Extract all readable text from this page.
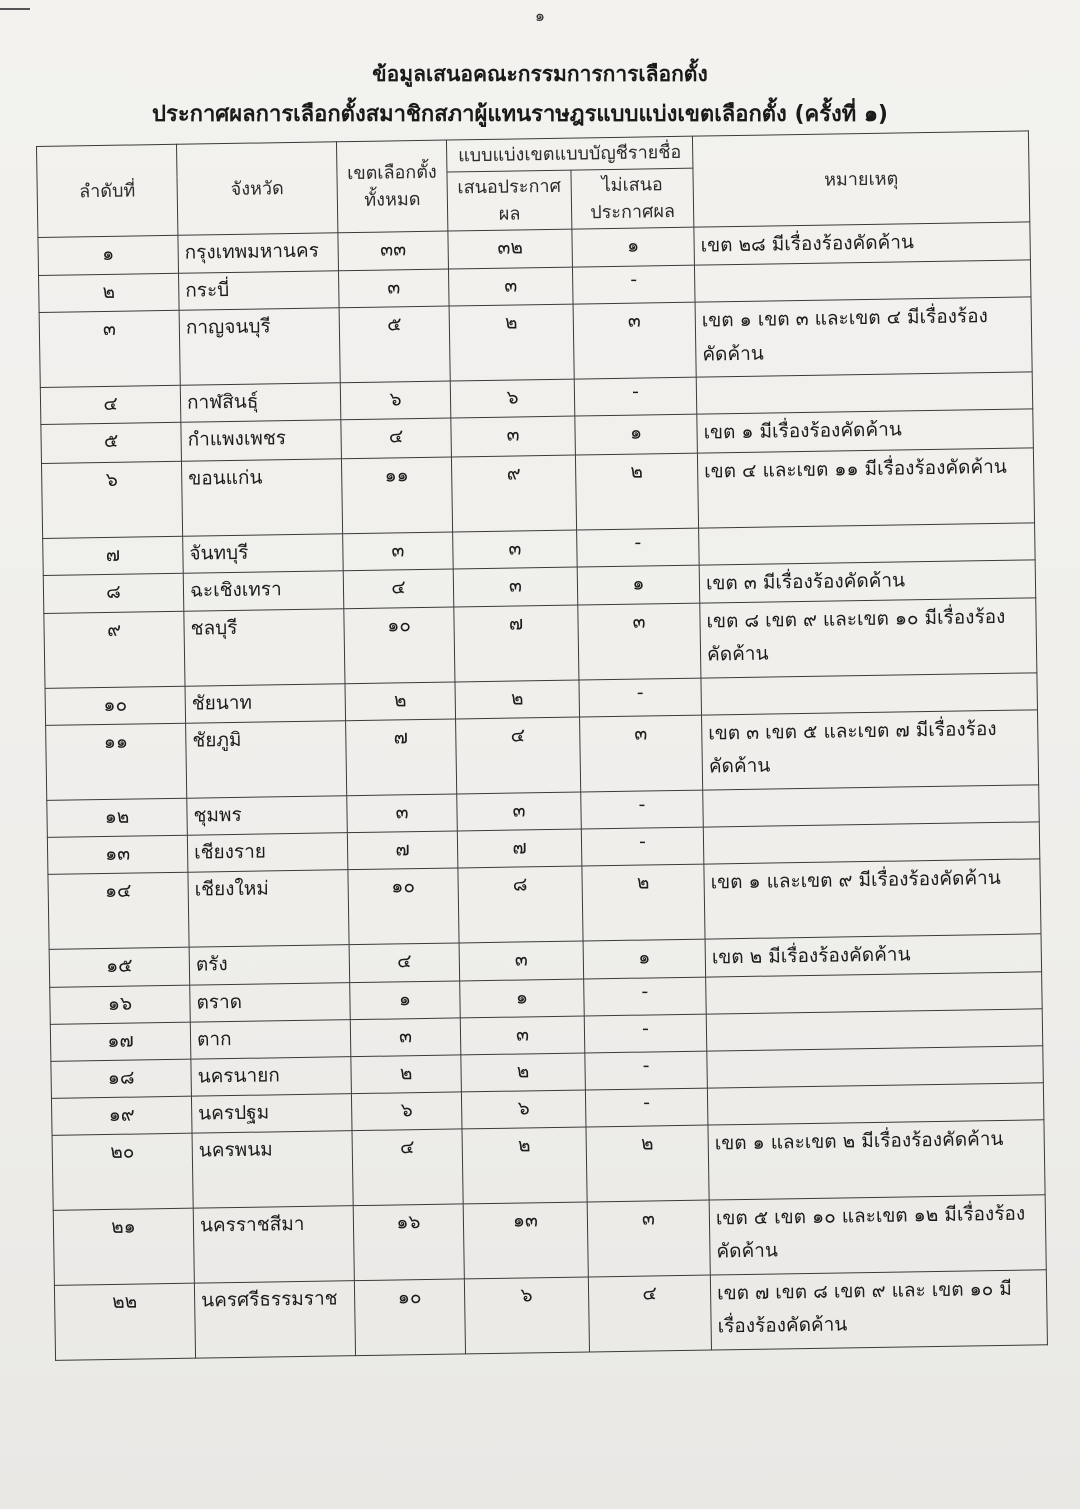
๑
ข้อมูลเสนอคณะกรรมการการเลือกตั้ง
ประกาศผลการเลือกตั้งสมาชิกสภาผู้แทนราษฎรแบบแบ่งเขตเลือกตั้ง (ครั้งที่ ๑)
ลำดับที่	จังหวัด	เขตเลือกตั้งทั้งหมด	แบบแบ่งเขตแบบบัญชีรายชื่อ		หมายเหตุ
			เสนอประกาศผล	ไม่เสนอประกาศผล	
๑	กรุงเทพมหานคร	๓๓	๓๒	๑	เขต ๒๘ มีเรื่องร้องคัดค้าน
๒	กระบี่	๓	๓	-	
๓	กาญจนบุรี	๕	๒	๓	เขต ๑ เขต ๓ และเขต ๔ มีเรื่องร้องคัดค้าน
๔	กาฬสินธุ์	๖	๖	-	
๕	กำแพงเพชร	๔	๓	๑	เขต ๑ มีเรื่องร้องคัดค้าน
๖	ขอนแก่น	๑๑	๙	๒	เขต ๔ และเขต ๑๑ มีเรื่องร้องคัดค้าน
๗	จันทบุรี	๓	๓	-	
๘	ฉะเชิงเทรา	๔	๓	๑	เขต ๓ มีเรื่องร้องคัดค้าน
๙	ชลบุรี	๑๐	๗	๓	เขต ๘ เขต ๙ และเขต ๑๐ มีเรื่องร้องคัดค้าน
๑๐	ชัยนาท	๒	๒	-	
๑๑	ชัยภูมิ	๗	๔	๓	เขต ๓ เขต ๕ และเขต ๗ มีเรื่องร้องคัดค้าน
๑๒	ชุมพร	๓	๓	-	
๑๓	เชียงราย	๗	๗	-	
๑๔	เชียงใหม่	๑๐	๘	๒	เขต ๑ และเขต ๙ มีเรื่องร้องคัดค้าน
๑๕	ตรัง	๔	๓	๑	เขต ๒ มีเรื่องร้องคัดค้าน
๑๖	ตราด	๑	๑	-	
๑๗	ตาก	๓	๓	-	
๑๘	นครนายก	๒	๒	-	
๑๙	นครปฐม	๖	๖	-	
๒๐	นครพนม	๔	๒	๒	เขต ๑ และเขต ๒ มีเรื่องร้องคัดค้าน
๒๑	นครราชสีมา	๑๖	๑๓	๓	เขต ๕ เขต ๑๐ และเขต ๑๒ มีเรื่องร้องคัดค้าน
๒๒	นครศรีธรรมราช	๑๐	๖	๔	เขต ๗ เขต ๘ เขต ๙ และ เขต ๑๐ มีเรื่องร้องคัดค้าน
